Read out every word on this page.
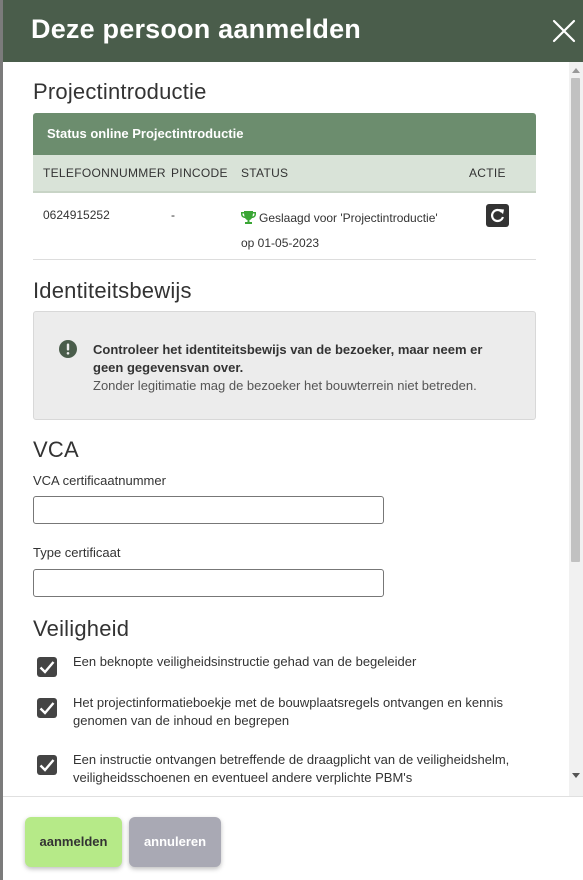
Deze persoon aanmelden
Projectintroductie
Status online Projectintroductie
TELEFOONNUMMER PINCODE	STATUS	ACTIE
0624915252	-	Geslaagd voor 'Projectintroductie'
op 01-05-2023
Identiteitsbewijs
Controleer het identiteitsbewijs van de bezoeker, maar neem er geen gegevensvan over.
Zonder legitimatie mag de bezoeker het bouwterrein niet betreden.
VCA
VCA certificaatnummer
Type certificaat
Veiligheid
Een beknopte veiligheidsinstructie gehad van de begeleider
Het projectinformatieboekje met de bouwplaatsregels ontvangen en kennis genomen van de inhoud en begrepen
Een instructie ontvangen betreffende de draagplicht van de veiligheidshelm, veiligheidsschoenen en eventueel andere verplichte PBM's
aanmelden	annuleren
